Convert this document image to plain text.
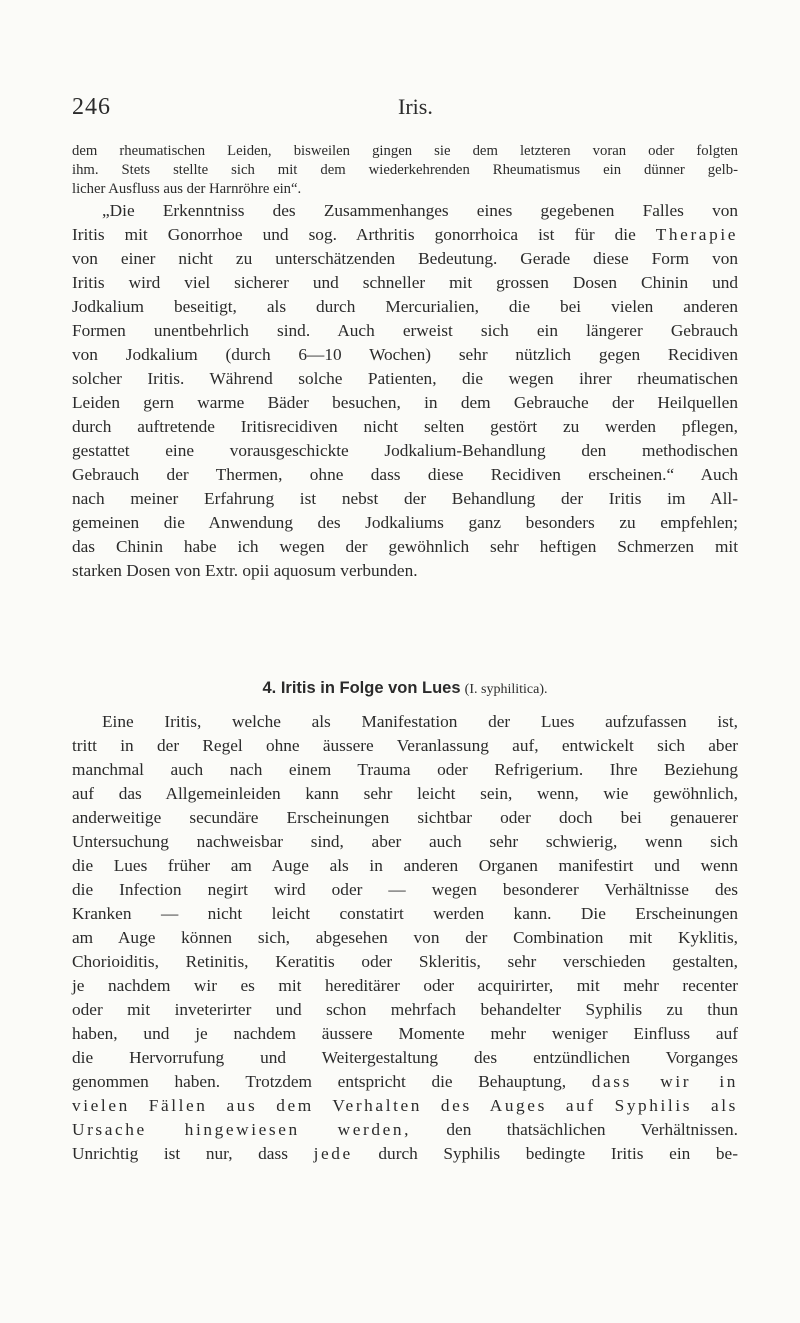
246	Iris.
dem rheumatischen Leiden, bisweilen gingen sie dem letzteren voran oder folgten
ihm. Stets stellte sich mit dem wiederkehrenden Rheumatismus ein dünner gelb-
licher Ausfluss aus der Harnröhre ein“.
„Die Erkenntniss des Zusammenhanges eines gegebenen Falles von
Iritis mit Gonorrhoe und sog. Arthritis gonorrhoica ist für die Therapie
von einer nicht zu unterschätzenden Bedeutung. Gerade diese Form von
Iritis wird viel sicherer und schneller mit grossen Dosen Chinin und
Jodkalium beseitigt, als durch Mercurialien, die bei vielen anderen
Formen unentbehrlich sind. Auch erweist sich ein längerer Gebrauch
von Jodkalium (durch 6—10 Wochen) sehr nützlich gegen Recidiven
solcher Iritis. Während solche Patienten, die wegen ihrer rheumatischen
Leiden gern warme Bäder besuchen, in dem Gebrauche der Heilquellen
durch auftretende Iritisrecidiven nicht selten gestört zu werden pflegen,
gestattet eine vorausgeschickte Jodkalium-Behandlung den methodischen
Gebrauch der Thermen, ohne dass diese Recidiven erscheinen.“ Auch
nach meiner Erfahrung ist nebst der Behandlung der Iritis im All-
gemeinen die Anwendung des Jodkaliums ganz besonders zu empfehlen;
das Chinin habe ich wegen der gewöhnlich sehr heftigen Schmerzen mit
starken Dosen von Extr. opii aquosum verbunden.
4. Iritis in Folge von Lues (I. syphilitica).
Eine Iritis, welche als Manifestation der Lues aufzufassen ist,
tritt in der Regel ohne äussere Veranlassung auf, entwickelt sich aber
manchmal auch nach einem Trauma oder Refrigerium. Ihre Beziehung
auf das Allgemeinleiden kann sehr leicht sein, wenn, wie gewöhnlich,
anderweitige secundäre Erscheinungen sichtbar oder doch bei genauerer
Untersuchung nachweisbar sind, aber auch sehr schwierig, wenn sich
die Lues früher am Auge als in anderen Organen manifestirt und wenn
die Infection negirt wird oder — wegen besonderer Verhältnisse des
Kranken — nicht leicht constatirt werden kann. Die Erscheinungen
am Auge können sich, abgesehen von der Combination mit Kyklitis,
Chorioiditis, Retinitis, Keratitis oder Skleritis, sehr verschieden gestalten,
je nachdem wir es mit hereditärer oder acquirirter, mit mehr recenter
oder mit inveterirter und schon mehrfach behandelter Syphilis zu thun
haben, und je nachdem äussere Momente mehr weniger Einfluss auf
die Hervorrufung und Weitergestaltung des entzündlichen Vorganges
genommen haben. Trotzdem entspricht die Behauptung, dass wir in
vielen Fällen aus dem Verhalten des Auges auf Syphilis als
Ursache hingewiesen werden, den thatsächlichen Verhältnissen.
Unrichtig ist nur, dass jede durch Syphilis bedingte Iritis ein be-
